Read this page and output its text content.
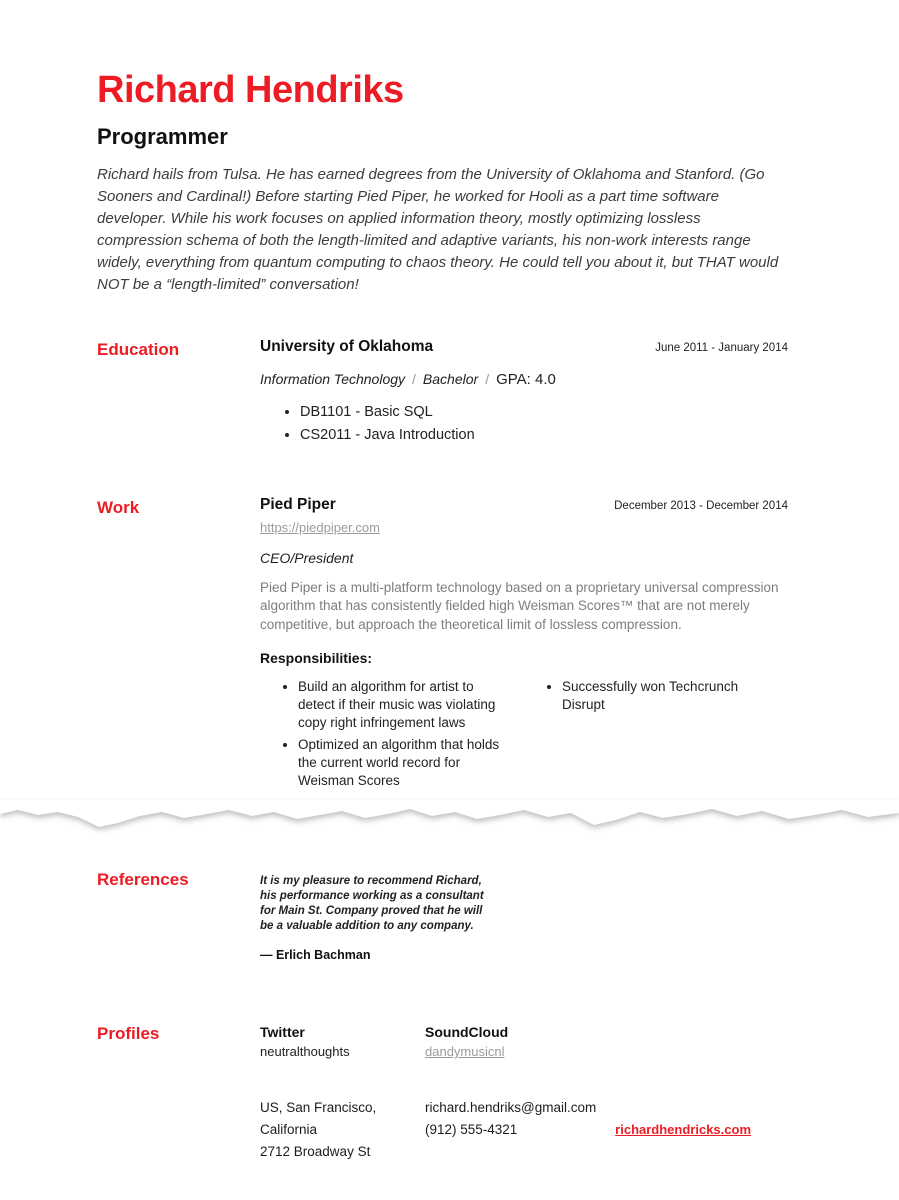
Richard Hendriks
Programmer

Richard hails from Tulsa. He has earned degrees from the University of Oklahoma and Stanford. (Go Sooners and Cardinal!) Before starting Pied Piper, he worked for Hooli as a part time software developer. While his work focuses on applied information theory, mostly optimizing lossless compression schema of both the length-limited and adaptive variants, his non-work interests range widely, everything from quantum computing to chaos theory. He could tell you about it, but THAT would NOT be a “length-limited” conversation!

Education	University of Oklahoma	June 2011 - January 2014
Information Technology / Bachelor / GPA: 4.0
• DB1101 - Basic SQL
• CS2011 - Java Introduction
Work	Pied Piper	December 2013 - December 2014
https://piedpiper.com
CEO/President

Pied Piper is a multi-platform technology based on a proprietary universal compression algorithm that has consistently fielded high Weisman Scores™ that are not merely competitive, but approach the theoretical limit of lossless compression.

Responsibilities:
• Build an algorithm for artist to detect if their music was violating copy right infringement laws
• Optimized an algorithm that holds the current world record for Weisman Scores
• Successfully won Techcrunch Disrupt
References	It is my pleasure to recommend Richard, his performance working as a consultant for Main St. Company proved that he will be a valuable addition to any company.

— Erlich Bachman
Profiles	Twitter
neutralthoughts
SoundCloud
dandymusicnl
US, San Francisco, California
2712 Broadway St
richard.hendriks@gmail.com
(912) 555-4321	richardhendricks.com
